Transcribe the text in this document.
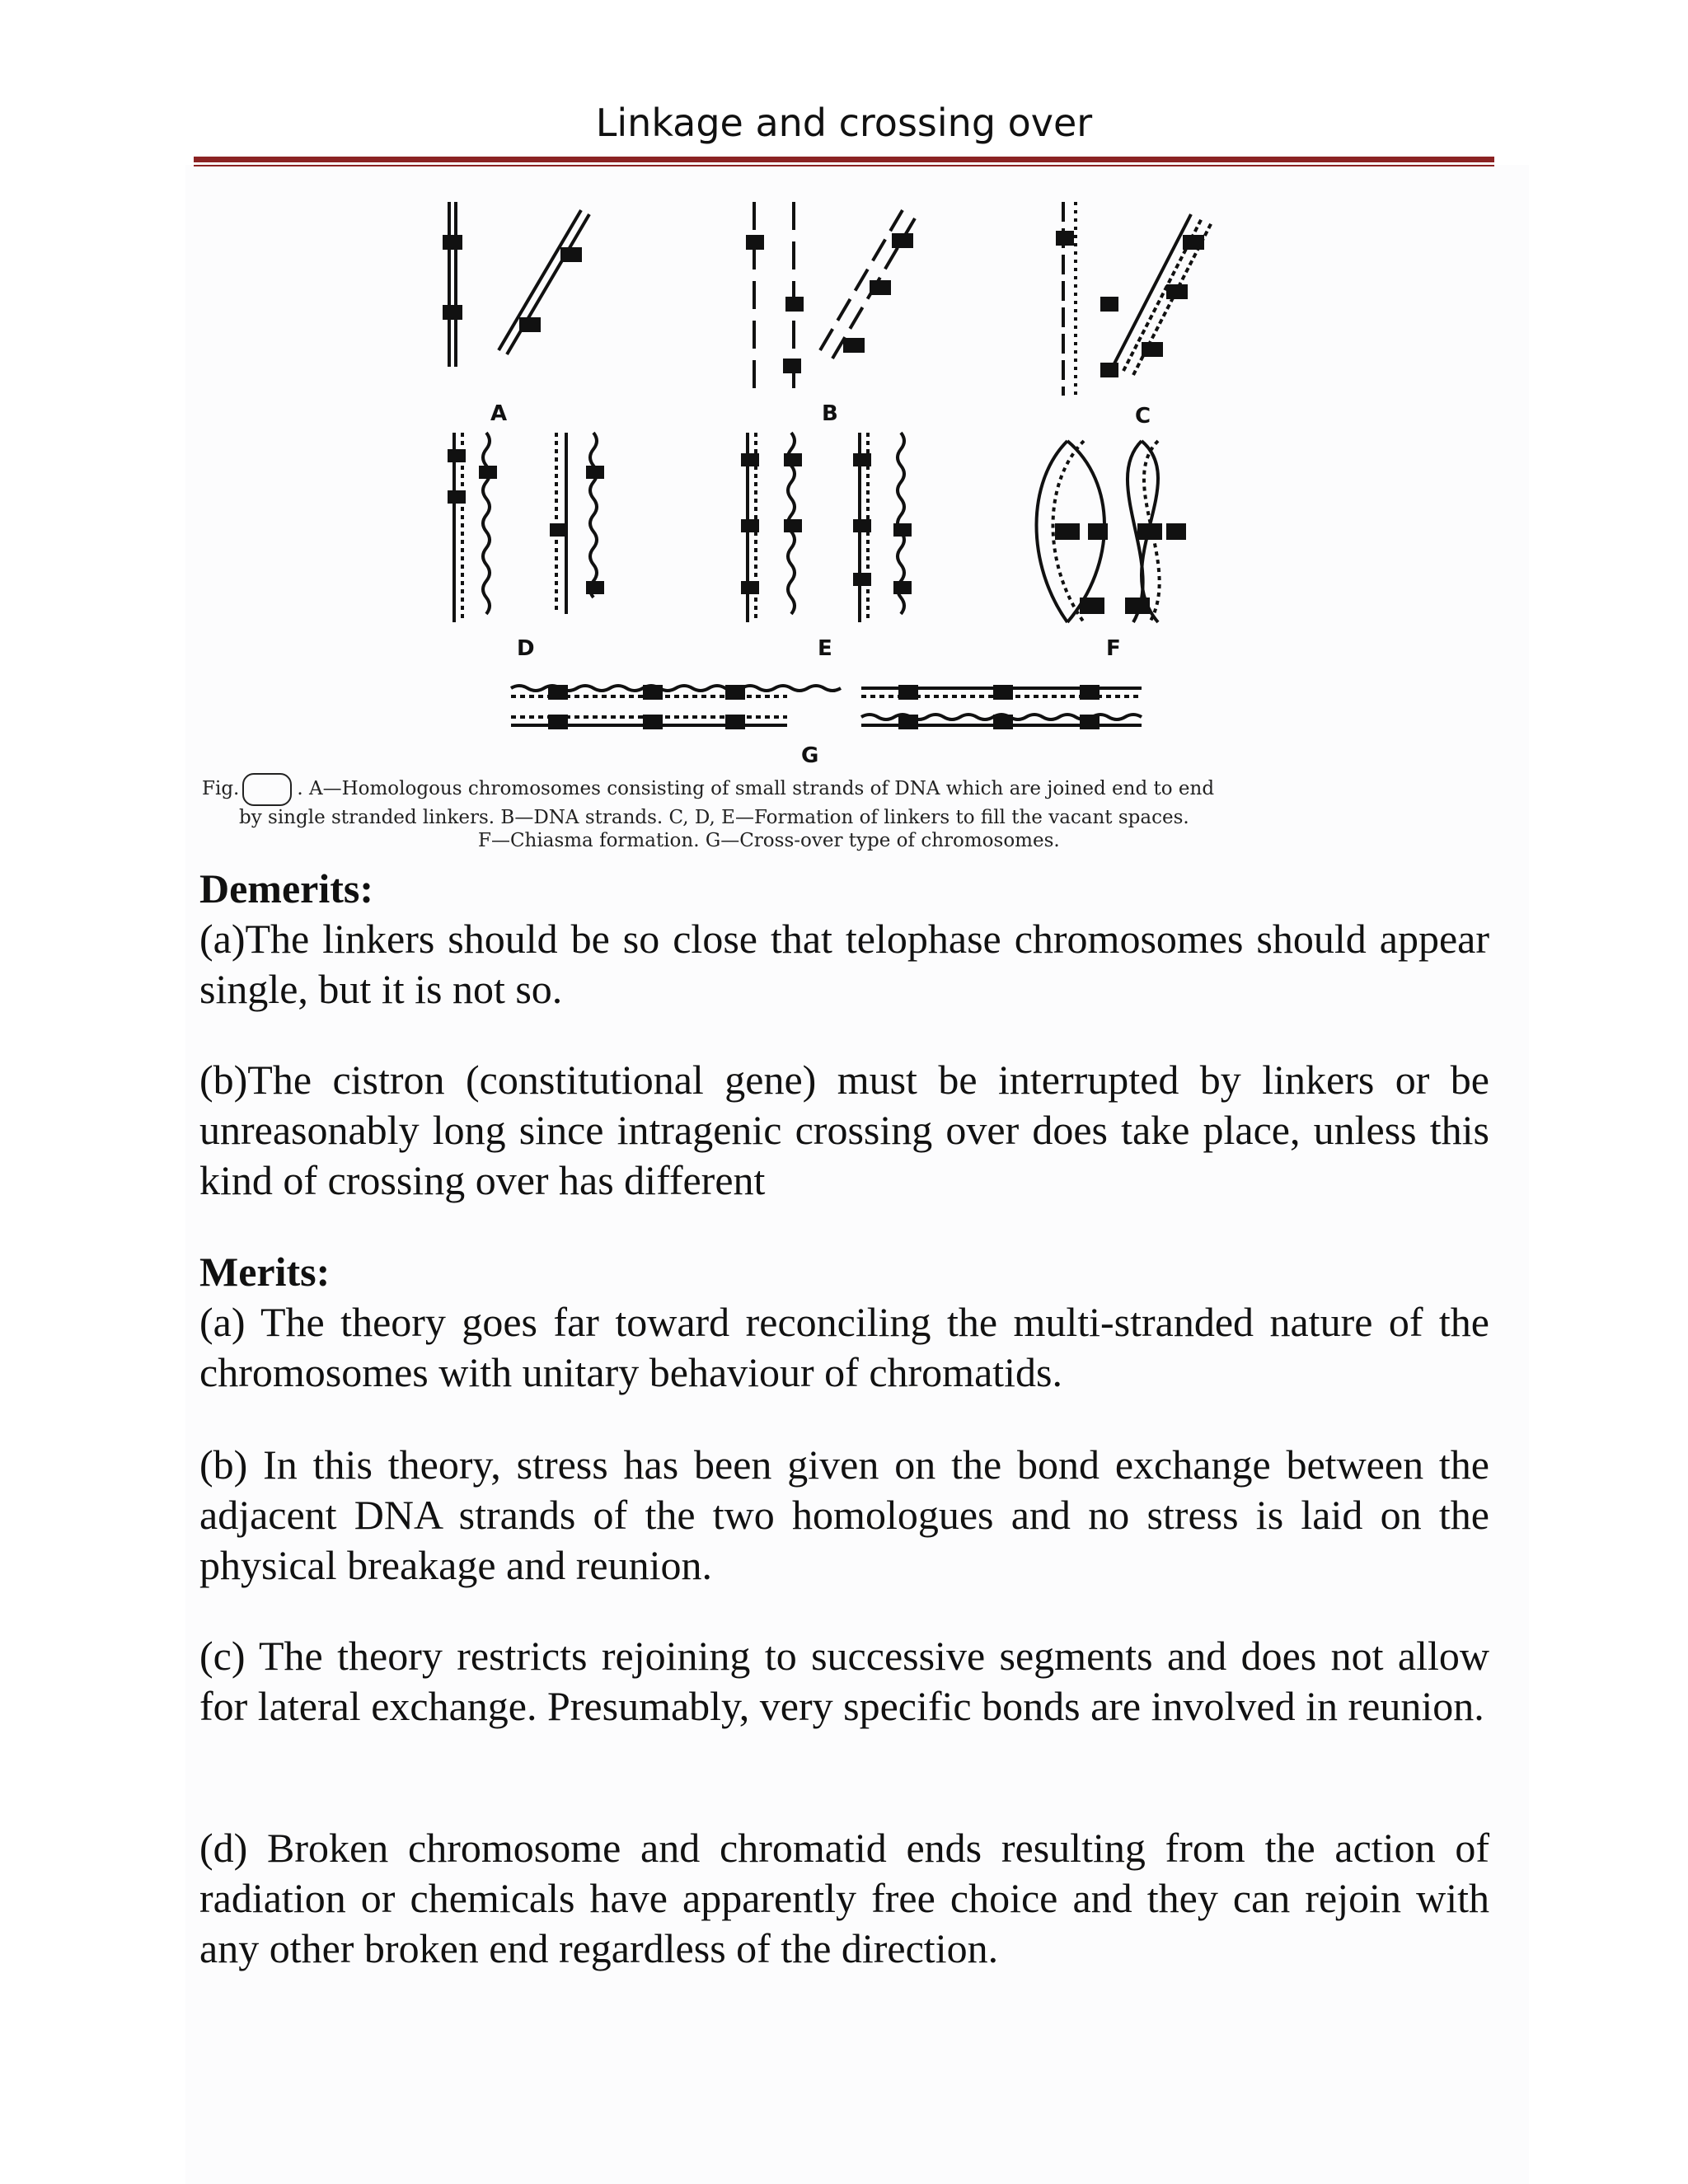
Linkage and crossing over
A	B	C
D	E	F
G
Fig.	. A—Homologous chromosomes consisting of small strands of DNA which are joined end to end
by single stranded linkers. B—DNA strands. C, D, E—Formation of linkers to fill the vacant spaces.
F—Chiasma formation. G—Cross-over type of chromosomes.

Demerits:

(a)The linkers should be so close that telophase chromosomes should appear single, but it is not so.

(b)The cistron (constitutional gene) must be interrupted by linkers or be unreasonably long since intragenic crossing over does take place, unless this kind of crossing over has different

Merits:

(a) The theory goes far toward reconciling the multi-stranded nature of the chromosomes with unitary behaviour of chromatids.

(b) In this theory, stress has been given on the bond exchange between the adjacent DNA strands of the two homologues and no stress is laid on the physical breakage and reunion.

(c) The theory restricts rejoining to successive segments and does not allow for lateral exchange. Presumably, very specific bonds are involved in reunion.

(d) Broken chromosome and chromatid ends resulting from the action of radiation or chemicals have apparently free choice and they can rejoin with any other broken end regardless of the direction.
